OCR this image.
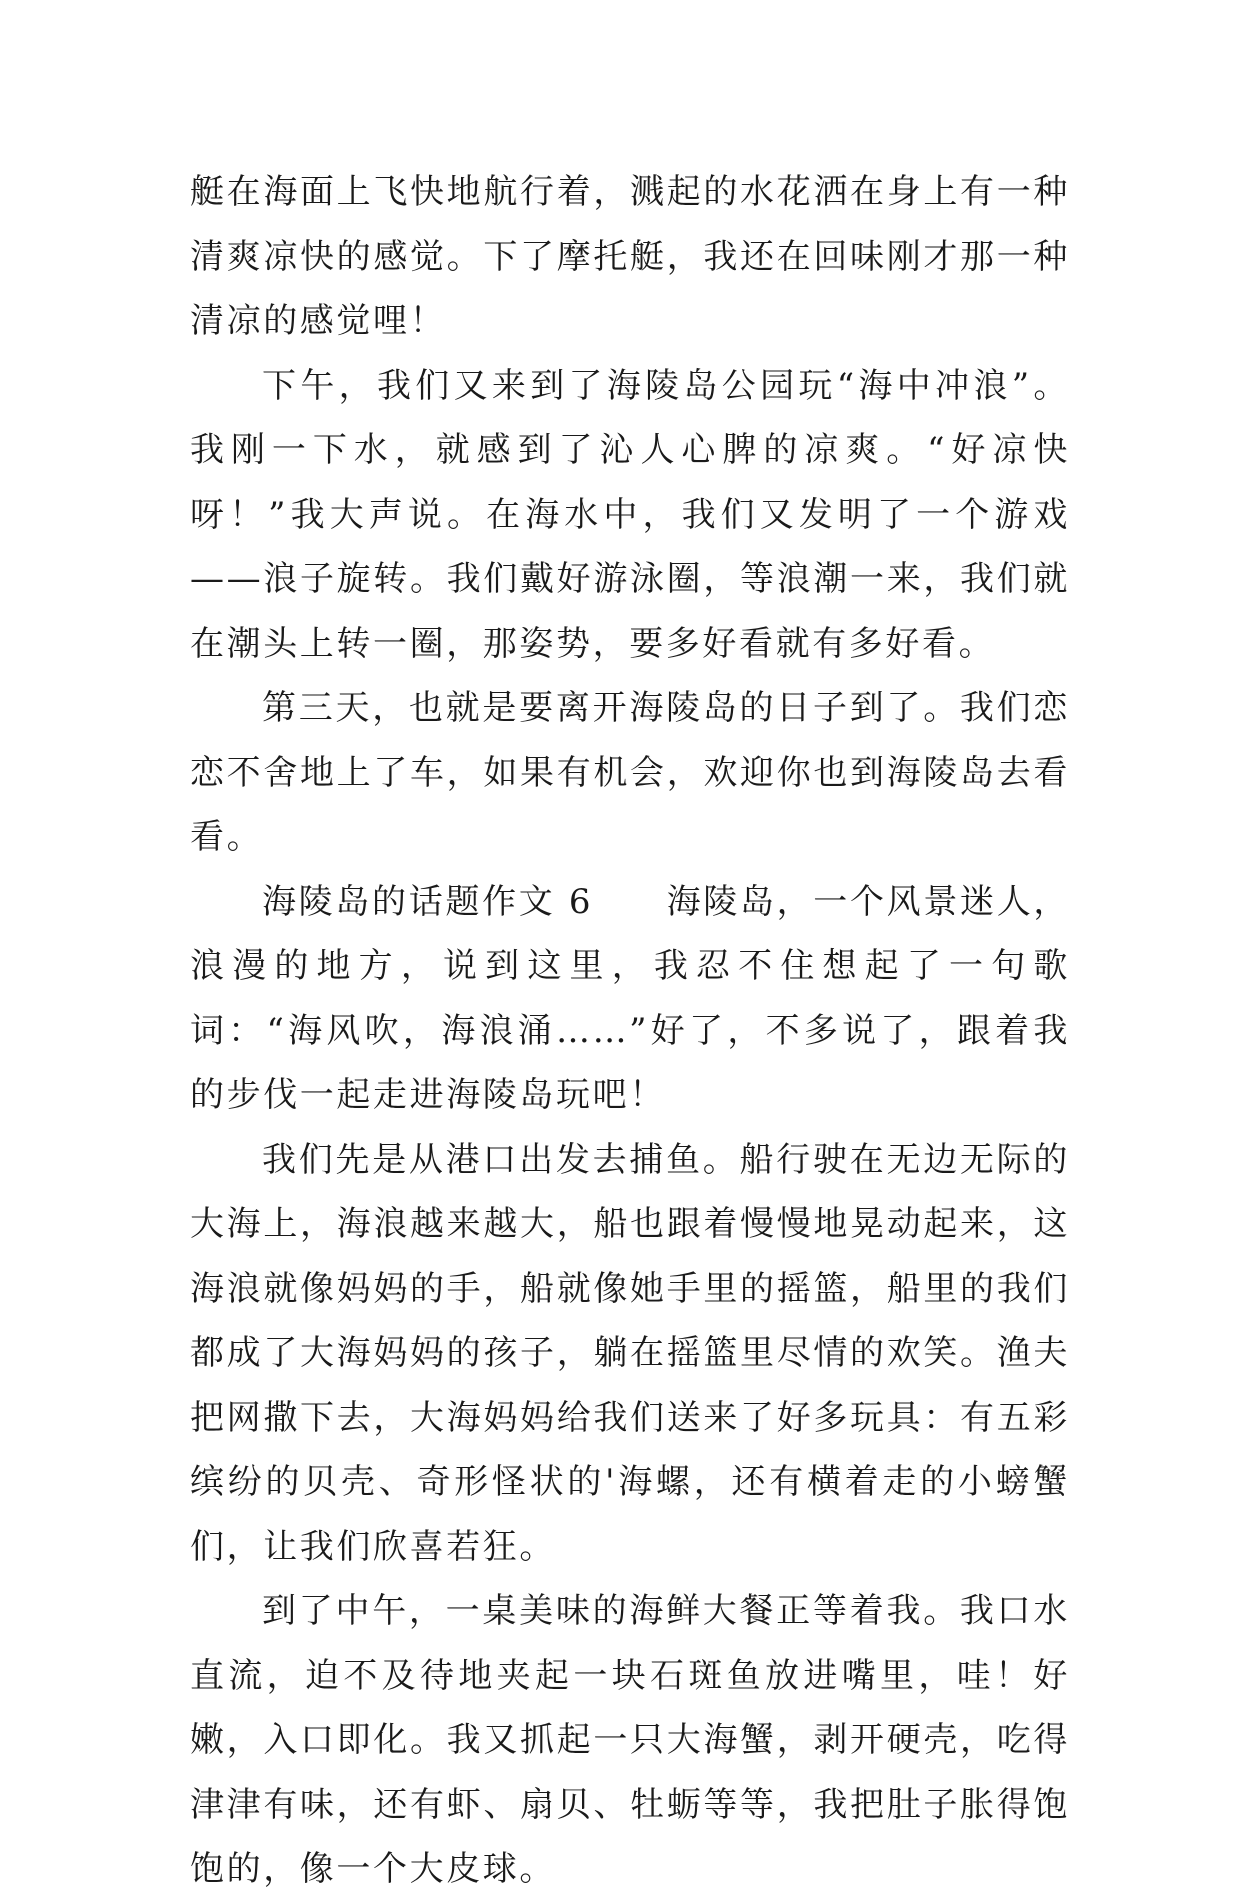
艇在海面上飞快地航行着，溅起的水花洒在身上有一种清爽凉快的感觉。下了摩托艇，我还在回味刚才那一种清凉的感觉哩！

下午，我们又来到了海陵岛公园玩“海中冲浪”。我刚一下水，就感到了沁人心脾的凉爽。“好凉快呀！”我大声说。在海水中，我们又发明了一个游戏——浪子旋转。我们戴好游泳圈，等浪潮一来，我们就在潮头上转一圈，那姿势，要多好看就有多好看。

第三天，也就是要离开海陵岛的日子到了。我们恋恋不舍地上了车，如果有机会，欢迎你也到海陵岛去看看。

海陵岛的话题作文 6　　海陵岛，一个风景迷人，浪漫的地方，说到这里，我忍不住想起了一句歌词：“海风吹，海浪涌……”好了，不多说了，跟着我的步伐一起走进海陵岛玩吧！

我们先是从港口出发去捕鱼。船行驶在无边无际的大海上，海浪越来越大，船也跟着慢慢地晃动起来，这海浪就像妈妈的手，船就像她手里的摇篮，船里的我们都成了大海妈妈的孩子，躺在摇篮里尽情的欢笑。渔夫把网撒下去，大海妈妈给我们送来了好多玩具：有五彩缤纷的贝壳、奇形怪状的'海螺，还有横着走的小螃蟹们，让我们欣喜若狂。

到了中午，一桌美味的海鲜大餐正等着我。我口水直流，迫不及待地夹起一块石斑鱼放进嘴里，哇！好嫩，入口即化。我又抓起一只大海蟹，剥开硬壳，吃得津津有味，还有虾、扇贝、牡蛎等等，我把肚子胀得饱饱的，像一个大皮球。
